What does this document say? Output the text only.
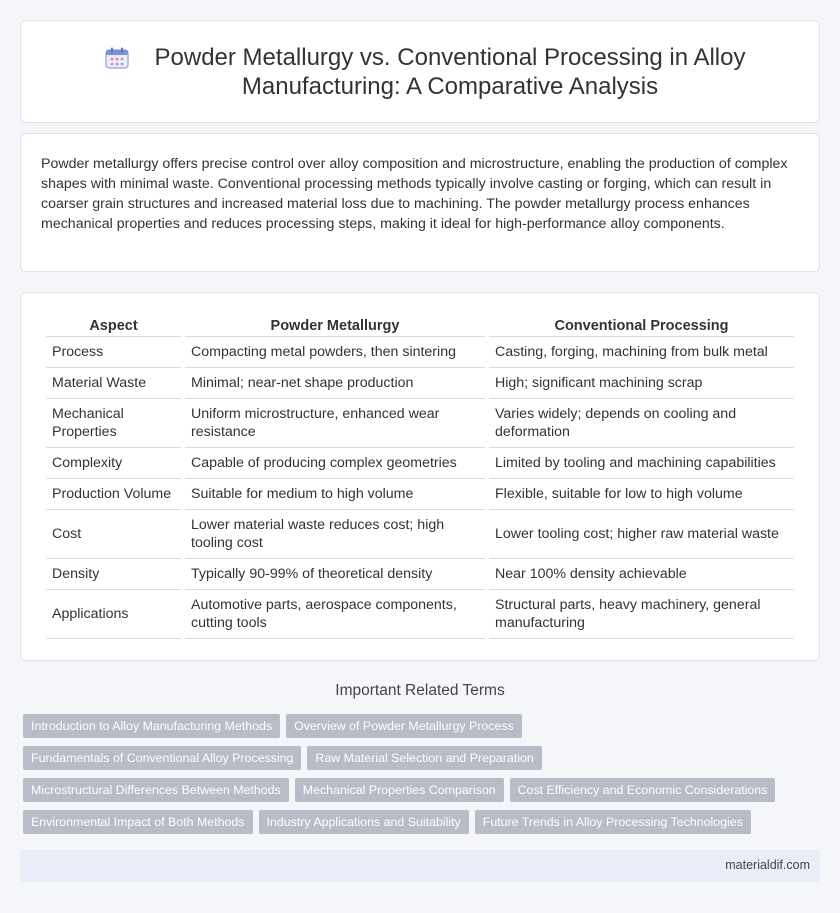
Powder Metallurgy vs. Conventional Processing in Alloy Manufacturing: A Comparative Analysis

Powder metallurgy offers precise control over alloy composition and microstructure, enabling the production of complex shapes with minimal waste. Conventional processing methods typically involve casting or forging, which can result in coarser grain structures and increased material loss due to machining. The powder metallurgy process enhances mechanical properties and reduces processing steps, making it ideal for high-performance alloy components.

Aspect	Powder Metallurgy	Conventional Processing
Process	Compacting metal powders, then sintering	Casting, forging, machining from bulk metal
Material Waste	Minimal; near-net shape production	High; significant machining scrap
Mechanical Properties	Uniform microstructure, enhanced wear resistance	Varies widely; depends on cooling and deformation
Complexity	Capable of producing complex geometries	Limited by tooling and machining capabilities
Production Volume	Suitable for medium to high volume	Flexible, suitable for low to high volume
Cost	Lower material waste reduces cost; high tooling cost	Lower tooling cost; higher raw material waste
Density	Typically 90-99% of theoretical density	Near 100% density achievable
Applications	Automotive parts, aerospace components, cutting tools	Structural parts, heavy machinery, general manufacturing
Important Related Terms
Introduction to Alloy Manufacturing Methods	Overview of Powder Metallurgy Process
Fundamentals of Conventional Alloy Processing	Raw Material Selection and Preparation
Microstructural Differences Between Methods	Mechanical Properties Comparison	Cost Efficiency and Economic Considerations
Environmental Impact of Both Methods	Industry Applications and Suitability	Future Trends in Alloy Processing Technologies
materialdif.com
